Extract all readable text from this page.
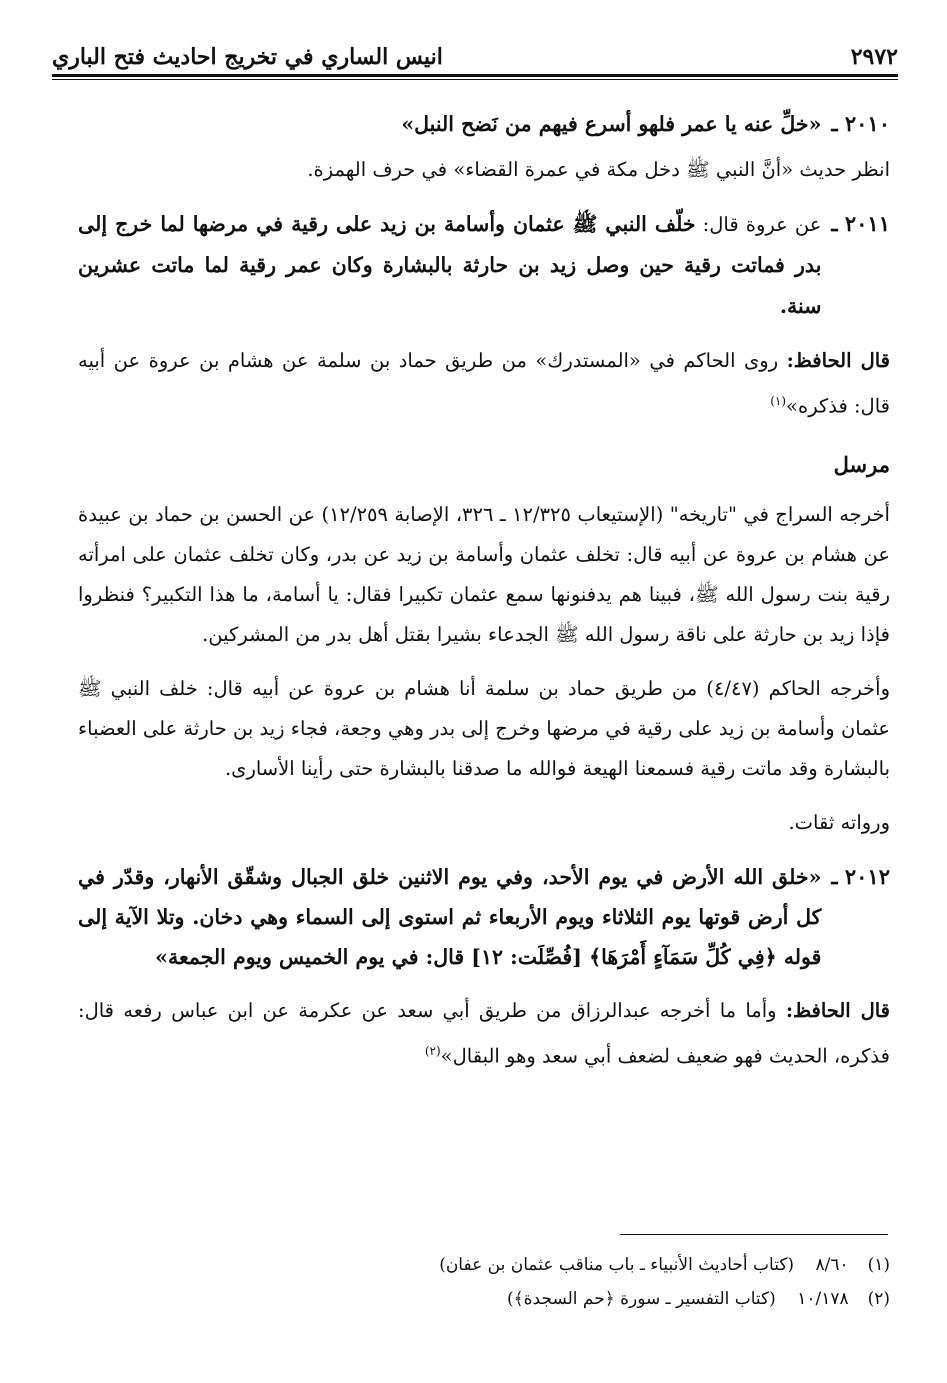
٢٩٧٢
انيس الساري في تخريج احاديث فتح الباري
٢٠١٠ ـ

«خلِّ عنه يا عمر فلهو أسرع فيهم من نَضح النبل»

انظر حديث «أنَّ النبي ﷺ دخل مكة في عمرة القضاء» في حرف الهمزة.

٢٠١١ ـ

عن عروة قال: خلّف النبي ﷺ عثمان وأسامة بن زيد على رقية في مرضها لما خرج إلى بدر فماتت رقية حين وصل زيد بن حارثة بالبشارة وكان عمر رقية لما ماتت عشرين سنة.

قال الحافظ: روى الحاكم في «المستدرك» من طريق حماد بن سلمة عن هشام بن عروة عن أبيه قال: فذكره»$^{(١)}$

مرسل

أخرجه السراج في "تاريخه" (الإستيعاب ١٢/٣٢٥ ـ ٣٢٦، الإصابة ١٢/٢٥٩) عن الحسن بن حماد بن عبيدة عن هشام بن عروة عن أبيه قال: تخلف عثمان وأسامة بن زيد عن بدر، وكان تخلف عثمان على امرأته رقية بنت رسول الله ﷺ، فبينا هم يدفنونها سمع عثمان تكبيرا فقال: يا أسامة، ما هذا التكبير؟ فنظروا فإذا زيد بن حارثة على ناقة رسول الله ﷺ الجدعاء بشيرا بقتل أهل بدر من المشركين.

وأخرجه الحاكم (٤/٤٧) من طريق حماد بن سلمة أنا هشام بن عروة عن أبيه قال: خلف النبي ﷺ عثمان وأسامة بن زيد على رقية في مرضها وخرج إلى بدر وهي وجعة، فجاء زيد بن حارثة على العضباء بالبشارة وقد ماتت رقية فسمعنا الهيعة فوالله ما صدقنا بالبشارة حتى رأينا الأسارى.

ورواته ثقات.

٢٠١٢ ـ

«خلق الله الأرض في يوم الأحد، وفي يوم الاثنين خلق الجبال وشقّق الأنهار، وقدّر في كل أرض قوتها يوم الثلاثاء ويوم الأربعاء ثم استوى إلى السماء وهي دخان. وتلا الآية إلى قوله ﴿فِي كُلِّ سَمَآءٍ أَمْرَهَا﴾ [فُصِّلَت: ١٢] قال: في يوم الخميس ويوم الجمعة»

قال الحافظ: وأما ما أخرجه عبدالرزاق من طريق أبي سعد عن عكرمة عن ابن عباس رفعه قال: فذكره، الحديث فهو ضعيف لضعف أبي سعد وهو البقال»$^{(٢)}$

(١) ٨/٦٠ (كتاب أحاديث الأنبياء ـ باب مناقب عثمان بن عفان)
(٢) ١٠/١٧٨ (كتاب التفسير ـ سورة ﴿حم السجدة﴾)
